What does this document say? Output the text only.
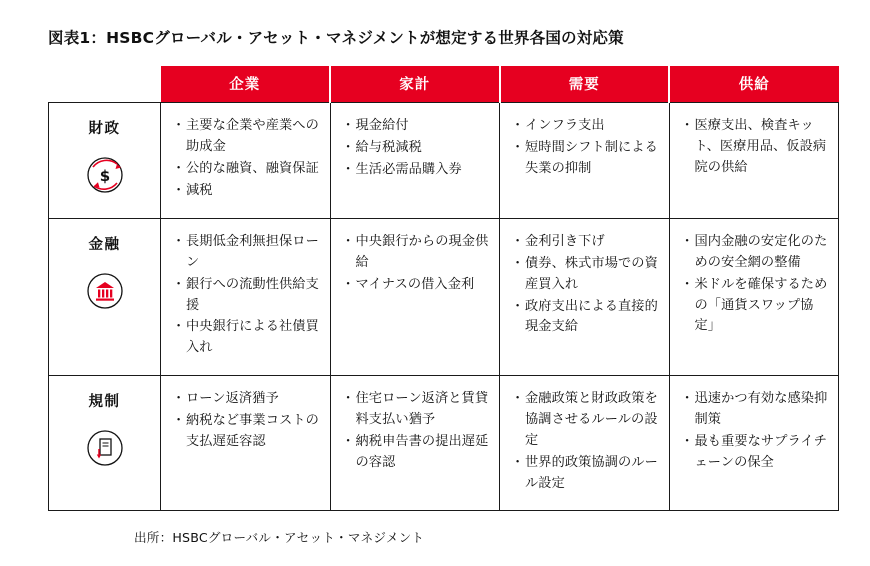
図表1：HSBCグローバル・アセット・マネジメントが想定する世界各国の対応策
	企業	家計	需要	供給

財政
$

・ 主要な企業や産業への助成金
・ 公的な融資、融資保証
・ 減税

・ 現金給付
・ 給与税減税
・ 生活必需品購入券

・ インフラ支出
・ 短時間シフト制による失業の抑制

・ 医療支出、検査キット、医療用品、仮設病院の供給

金融

・長期低金利無担保ローン
・ 銀行への流動性供給支援
・ 中央銀行による社債買入れ

・ 中央銀行からの現金供給
・ マイナスの借入金利

・ 金利引き下げ
・ 債券、株式市場での資産買入れ
・ 政府支出による直接的現金支給

・ 国内金融の安定化のための安全網の整備
・ 米ドルを確保するための「通貨スワップ協定」

規制

・ローン返済猶予
・ 納税など事業コストの支払遅延容認

・ 住宅ローン返済と賃貸料支払い猶予
・ 納税申告書の提出遅延の容認

・ 金融政策と財政政策を協調させるルールの設定
・ 世界的政策協調のルール設定

・ 迅速かつ有効な感染抑制策
・ 最も重要なサプライチェーンの保全
出所：HSBCグローバル・アセット・マネジメント
